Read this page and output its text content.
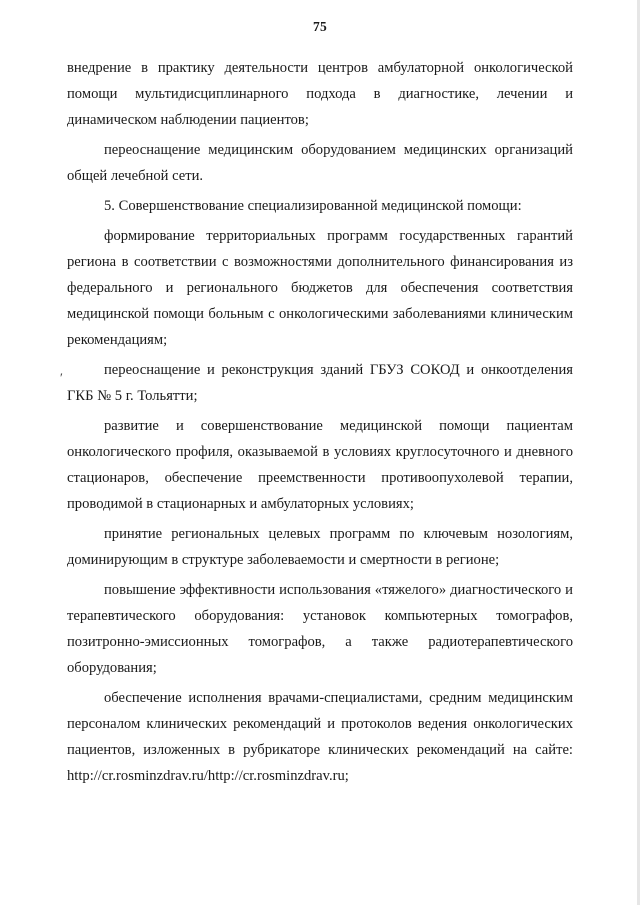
75
ʹ

внедрение в практику деятельности центров амбулаторной онкологической помощи мультидисциплинарного подхода в диагностике, лечении и динамическом наблюдении пациентов;

переоснащение медицинским оборудованием медицинских организаций общей лечебной сети.

5. Совершенствование специализированной медицинской помощи:

формирование территориальных программ государственных гарантий региона в соответствии с возможностями дополнительного финансирования из федерального и регионального бюджетов для обеспечения соответствия медицинской помощи больным с онкологическими заболеваниями клиническим рекомендациям;

переоснащение и реконструкция зданий ГБУЗ СОКОД и онкоотделения

ГКБ № 5 г. Тольятти;

развитие и совершенствование медицинской помощи пациентам онкологического профиля, оказываемой в условиях круглосуточного и дневного стационаров, обеспечение преемственности противоопухолевой терапии, проводимой в стационарных и амбулаторных условиях;

принятие региональных целевых программ по ключевым нозологиям, доминирующим в структуре заболеваемости и смертности в регионе;

повышение эффективности использования «тяжелого» диагностического и терапевтического оборудования: установок компьютерных томографов, позитронно-эмиссионных томографов, а также радиотерапевтического оборудования;

обеспечение исполнения врачами-специалистами, средним медицинским персоналом клинических рекомендаций и протоколов ведения онкологических пациентов, изложенных в рубрикаторе клинических рекомендаций на сайте: http://cr.rosminzdrav.ru/http://cr.rosminzdrav.ru;
